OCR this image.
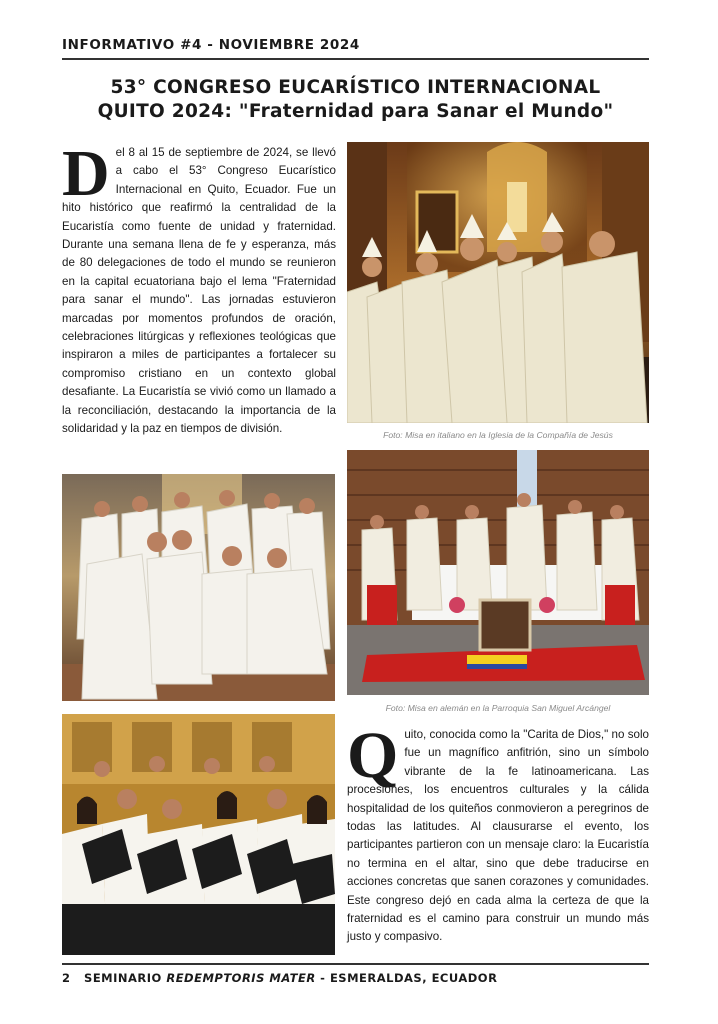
INFORMATIVO #4 - NOVIEMBRE 2024
53° CONGRESO EUCARÍSTICO INTERNACIONAL
QUITO 2024: "Fraternidad para Sanar el Mundo"
Del 8 al 15 de septiembre de 2024, se llevó a cabo el 53° Congreso Eucarístico Internacional en Quito, Ecuador. Fue un hito histórico que reafirmó la centralidad de la Eucaristía como fuente de unidad y fraternidad. Durante una semana llena de fe y esperanza, más de 80 delegaciones de todo el mundo se reunieron en la capital ecuatoriana bajo el lema "Fraternidad para sanar el mundo". Las jornadas estuvieron marcadas por momentos profundos de oración, celebraciones litúrgicas y reflexiones teológicas que inspiraron a miles de participantes a fortalecer su compromiso cristiano en un contexto global desafiante. La Eucaristía se vivió como un llamado a la reconciliación, destacando la importancia de la solidaridad y la paz en tiempos de división.	Foto: Misa en italiano en la Iglesia de la Compañía de Jesús
Foto: Misa en alemán en la Parroquia San Miguel Arcángel
Quito, conocida como la "Carita de Dios," no solo fue un magnífico anfitrión, sino un símbolo vibrante de la fe latinoamericana. Las procesiones, los encuentros culturales y la cálida hospitalidad de los quiteños conmovieron a peregrinos de todas las latitudes. Al clausurarse el evento, los participantes partieron con un mensaje claro: la Eucaristía no termina en el altar, sino que debe traducirse en acciones concretas que sanen corazones y comunidades. Este congreso dejó en cada alma la certeza de que la fraternidad es el camino para construir un mundo más justo y compasivo.
2 SEMINARIO REDEMPTORIS MATER - ESMERALDAS, ECUADOR
